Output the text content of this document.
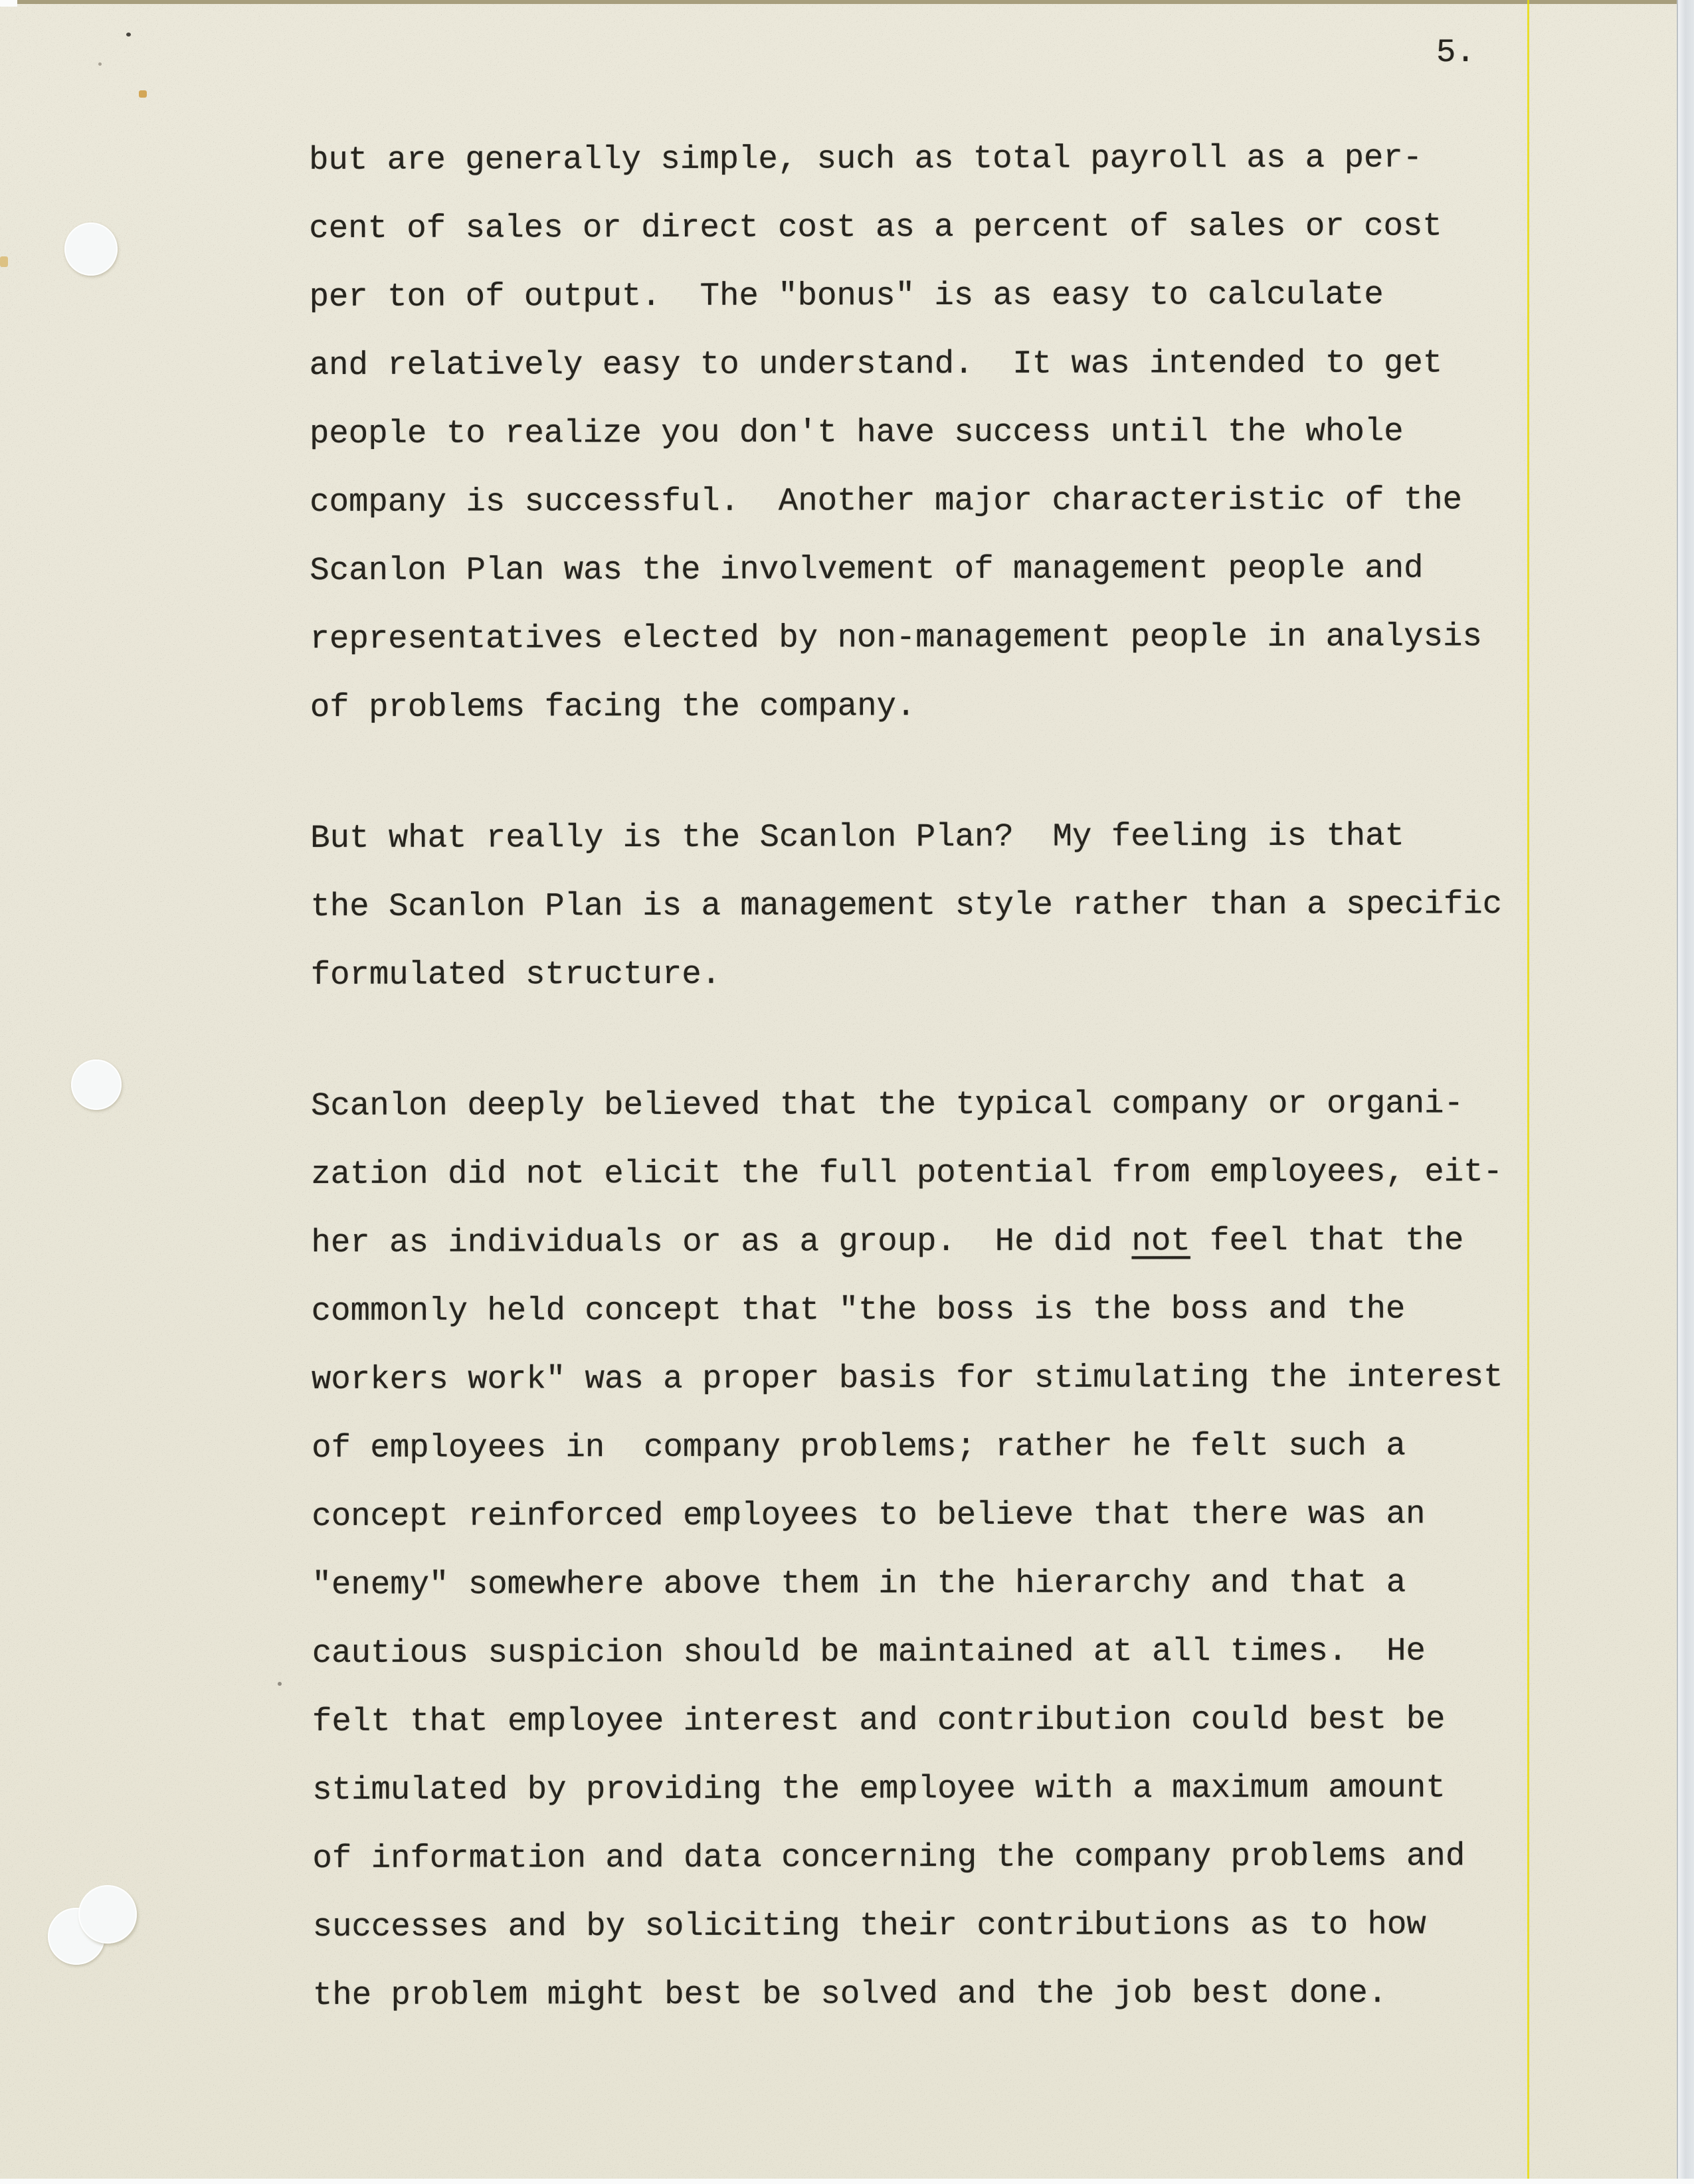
5.
but are generally simple, such as total payroll as a per-
cent of sales or direct cost as a percent of sales or cost
per ton of output.  The "bonus" is as easy to calculate
and relatively easy to understand.  It was intended to get
people to realize you don't have success until the whole
company is successful.  Another major characteristic of the
Scanlon Plan was the involvement of management people and
representatives elected by non-management people in analysis
of problems facing the company.
But what really is the Scanlon Plan?  My feeling is that
the Scanlon Plan is a management style rather than a specific
formulated structure.
Scanlon deeply believed that the typical company or organi-
zation did not elicit the full potential from employees, eit-
her as individuals or as a group.  He did not feel that the
commonly held concept that "the boss is the boss and the
workers work" was a proper basis for stimulating the interest
of employees in  company problems; rather he felt such a
concept reinforced employees to believe that there was an
"enemy" somewhere above them in the hierarchy and that a
cautious suspicion should be maintained at all times.  He
felt that employee interest and contribution could best be
stimulated by providing the employee with a maximum amount
of information and data concerning the company problems and
successes and by soliciting their contributions as to how
the problem might best be solved and the job best done.
